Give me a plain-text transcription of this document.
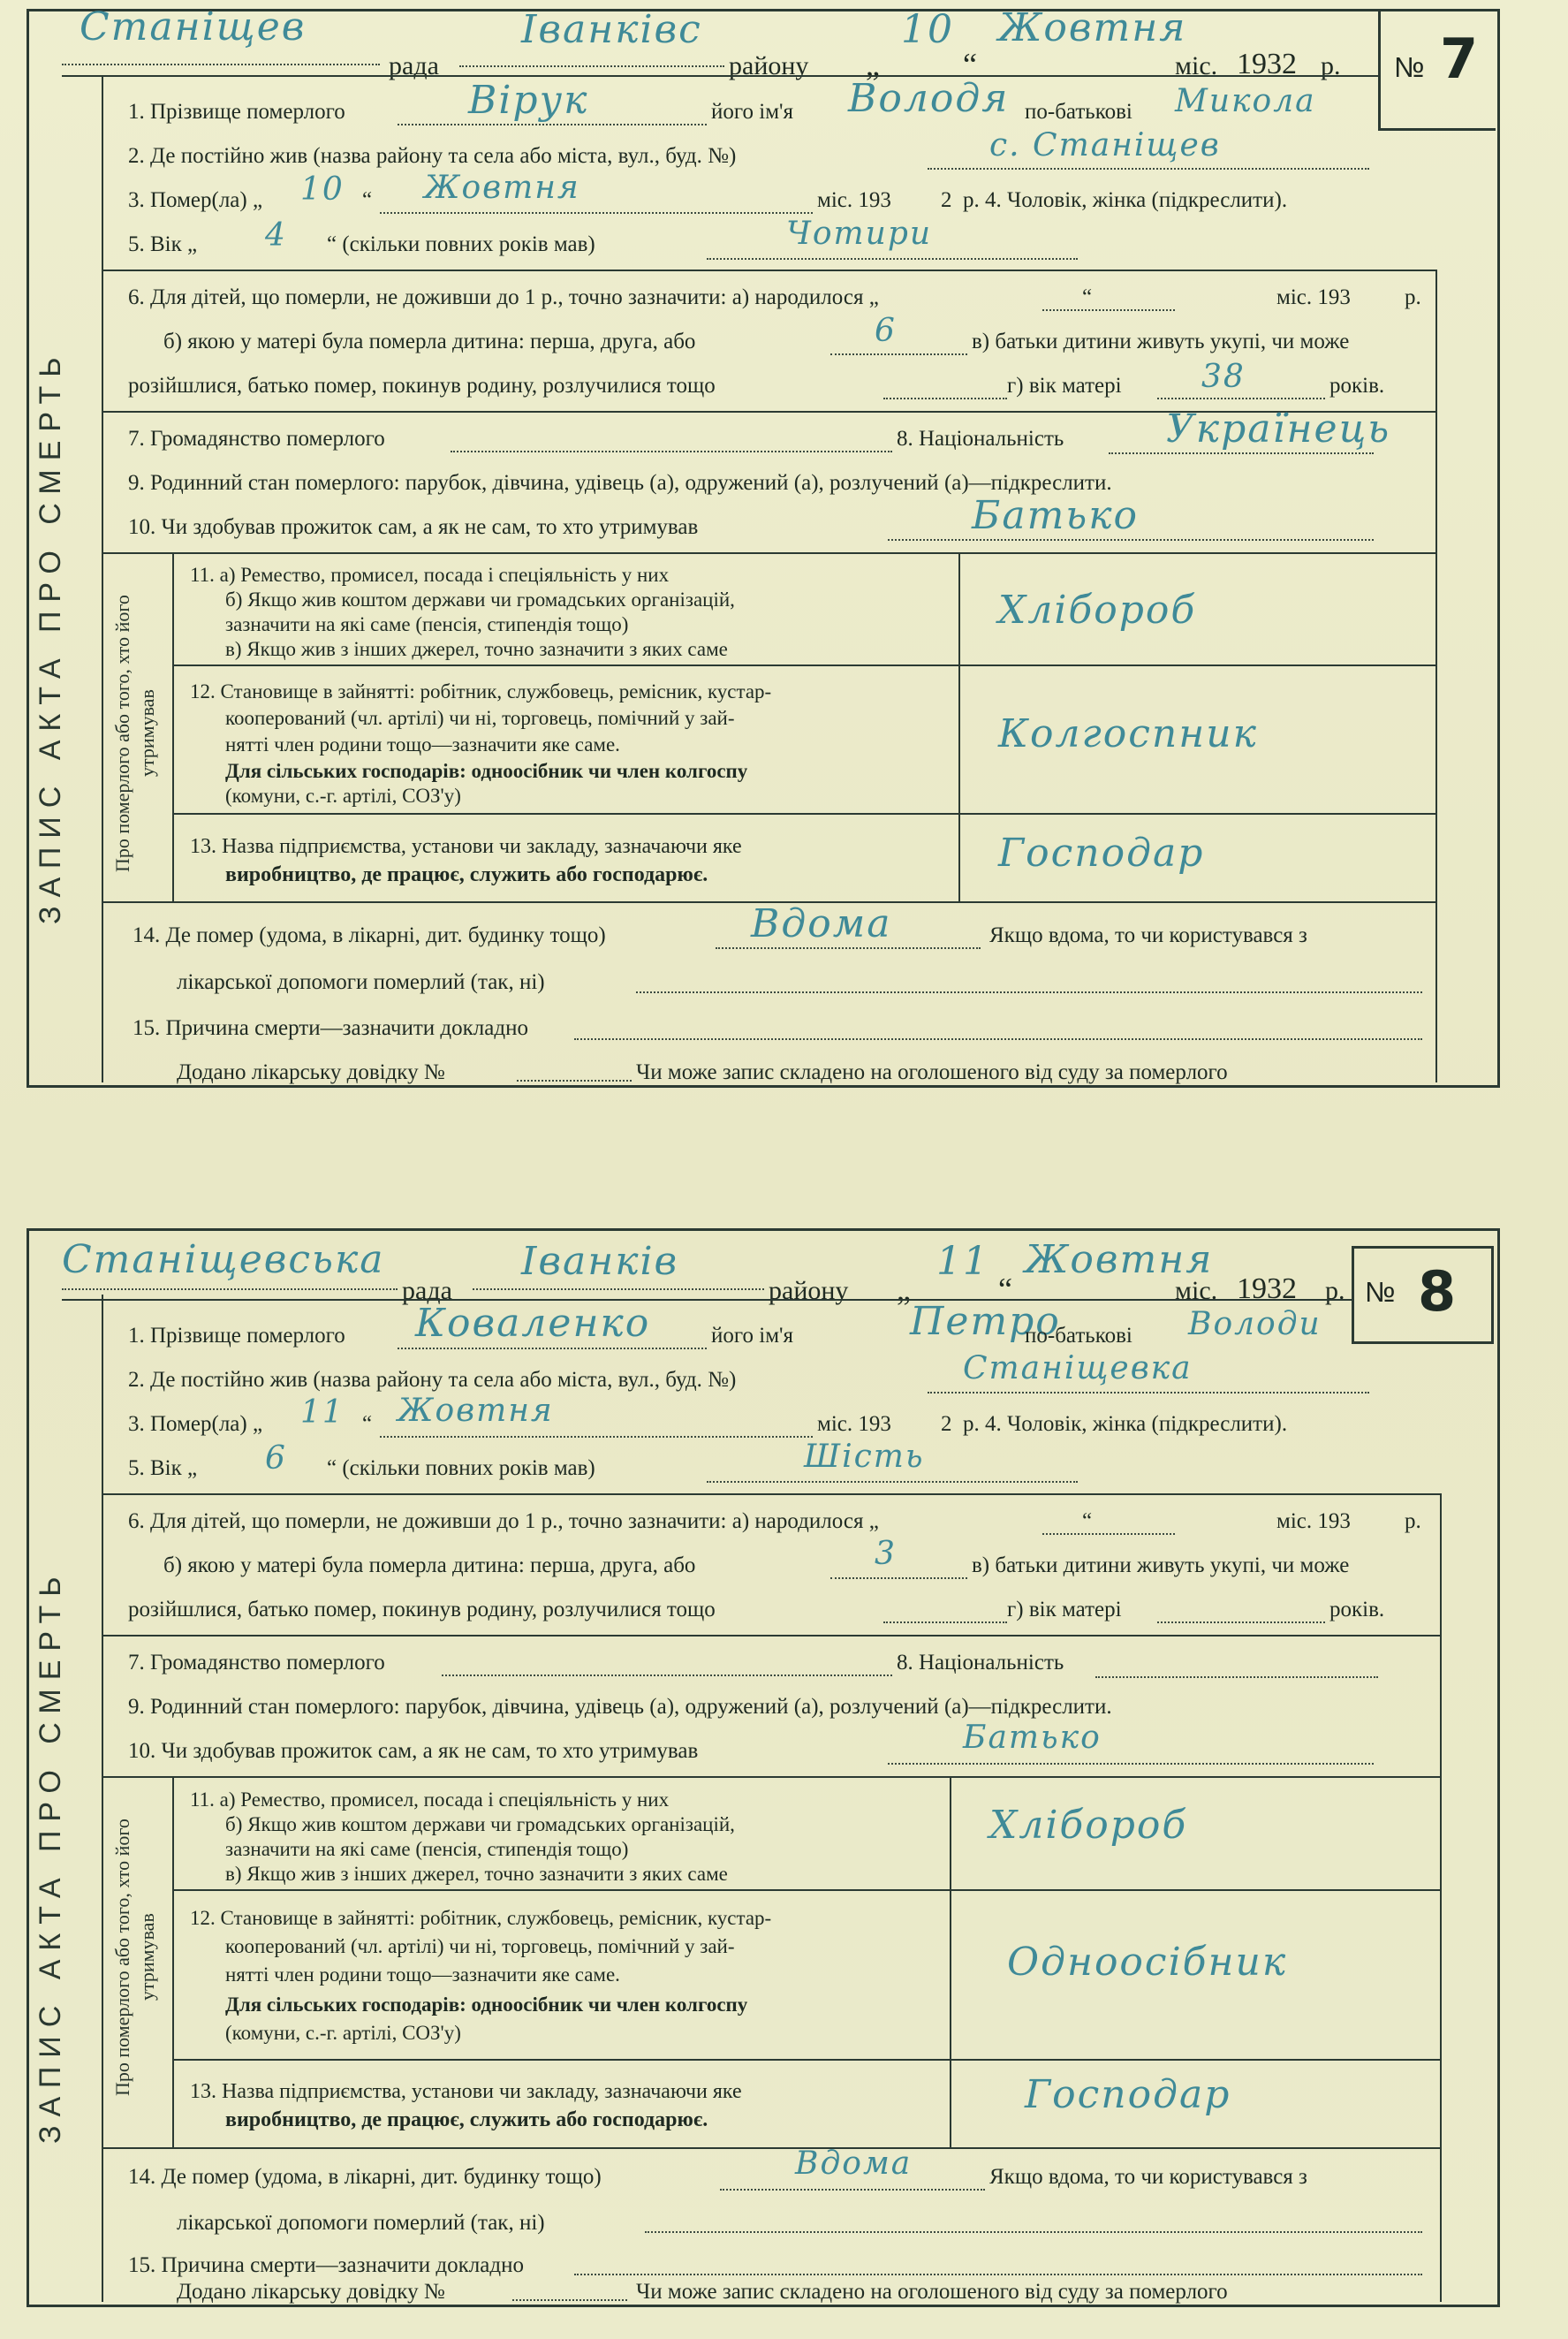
Станіщев
рада
Іванківс
району „
10
“
Жовтня
міс. 1932 р. № 7
ЗАПИС АКТА ПРО СМЕРТЬ
1. Прізвище померлого	Вірук	його ім'я Володя по-батькові Микола
2. Де постійно жив (назва району та села або міста, вул., буд. №)	с. Станіщев
3. Помер(ла) „ 10 “ Жовтня	міс. 193 2 р. 4. Чоловік, жінка (підкреслити).
5. Вік „ 4 “ (скільки повних років мав)	Чотири
6. Для дітей, що померли, не доживши до 1 р., точно зазначити: а) народилося „	“	міс. 193 р.
б) якою у матері була померла дитина: перша, друга, або	6	в) батьки дитини живуть укупі, чи може
розійшлися, батько помер, покинув родину, розлучилися тощо	г) вік матері	38	років.
7. Громадянство померлого	8. Національність	Українець
9. Родинний стан померлого: парубок, дівчина, удівець (а), одружений (а), розлучений (а)—підкреслити.
10. Чи здобував прожиток сам, а як не сам, то хто утримував	Батько
Про померлого або того, хто його утримував
11. а) Ремество, промисел, посада і спеціяльність у них
б) Якщо жив коштом держави чи громадських організацій,
зазначити на які саме (пенсія, стипендія тощо)
в) Якщо жив з інших джерел, точно зазначити з яких саме
Хлібороб
12. Становище в зайнятті: робітник, службовець, ремісник, кустар-
кооперований (чл. артілі) чи ні, торговець, помічний у зай-
нятті член родини тощо—зазначити яке саме.
Для сільських господарів: одноосібник чи член колгоспу
(комуни, с.-г. артілі, СОЗ'у)
Колгоспник
13. Назва підприємства, установи чи закладу, зазначаючи яке
виробництво, де працює, служить або господарює.	Господар
14. Де помер (удома, в лікарні, дит. будинку тощо)	Вдома	Якщо вдома, то чи користувався з
лікарської допомоги померлий (так, ні)
15. Причина смерти—зазначити докладно
Додано лікарську довідку №	Чи може запис складено на оголошеного від суду за померлого
Станіщевська
рада
Іванків
району „
11
“
Жовтня
міс. 1932 р. № 8
ЗАПИС АКТА ПРО СМЕРТЬ
1. Прізвище померлого Коваленко	його ім'я	Петро
по-батькові Володи
2. Де постійно жив (назва району та села або міста, вул., буд. №)	Станіщевка
3. Помер(ла) „ 11 “ Жовтня	міс. 193 2 р. 4. Чоловік, жінка (підкреслити).
5. Вік „ 6 “ (скільки повних років мав)	Шість
6. Для дітей, що померли, не доживши до 1 р., точно зазначити: а) народилося „	“	міс. 193 р.
б) якою у матері була померла дитина: перша, друга, або	3	в) батьки дитини живуть укупі, чи може
розійшлися, батько помер, покинув родину, розлучилися тощо	г) вік матері	років.
7. Громадянство померлого	8. Національність
9. Родинний стан померлого: парубок, дівчина, удівець (а), одружений (а), розлучений (а)—підкреслити.
10. Чи здобував прожиток сам, а як не сам, то хто утримував	Батько
Про померлого або того, хто його утримував
11. а) Ремество, промисел, посада і спеціяльність у них
б) Якщо жив коштом держави чи громадських організацій,
зазначити на які саме (пенсія, стипендія тощо)
в) Якщо жив з інших джерел, точно зазначити з яких саме
Хлібороб
12. Становище в зайнятті: робітник, службовець, ремісник, кустар-
кооперований (чл. артілі) чи ні, торговець, помічний у зай-
нятті член родини тощо—зазначити яке саме.
Для сільських господарів: одноосібник чи член колгоспу
(комуни, с.-г. артілі, СОЗ'у)
Одноосібник
13. Назва підприємства, установи чи закладу, зазначаючи яке
виробництво, де працює, служить або господарює.
Господар
14. Де помер (удома, в лікарні, дит. будинку тощо)	Вдома	Якщо вдома, то чи користувався з
лікарської допомоги померлий (так, ні)
15. Причина смерти—зазначити докладно
Додано лікарську довідку №	Чи може запис складено на оголошеного від суду за померлого
